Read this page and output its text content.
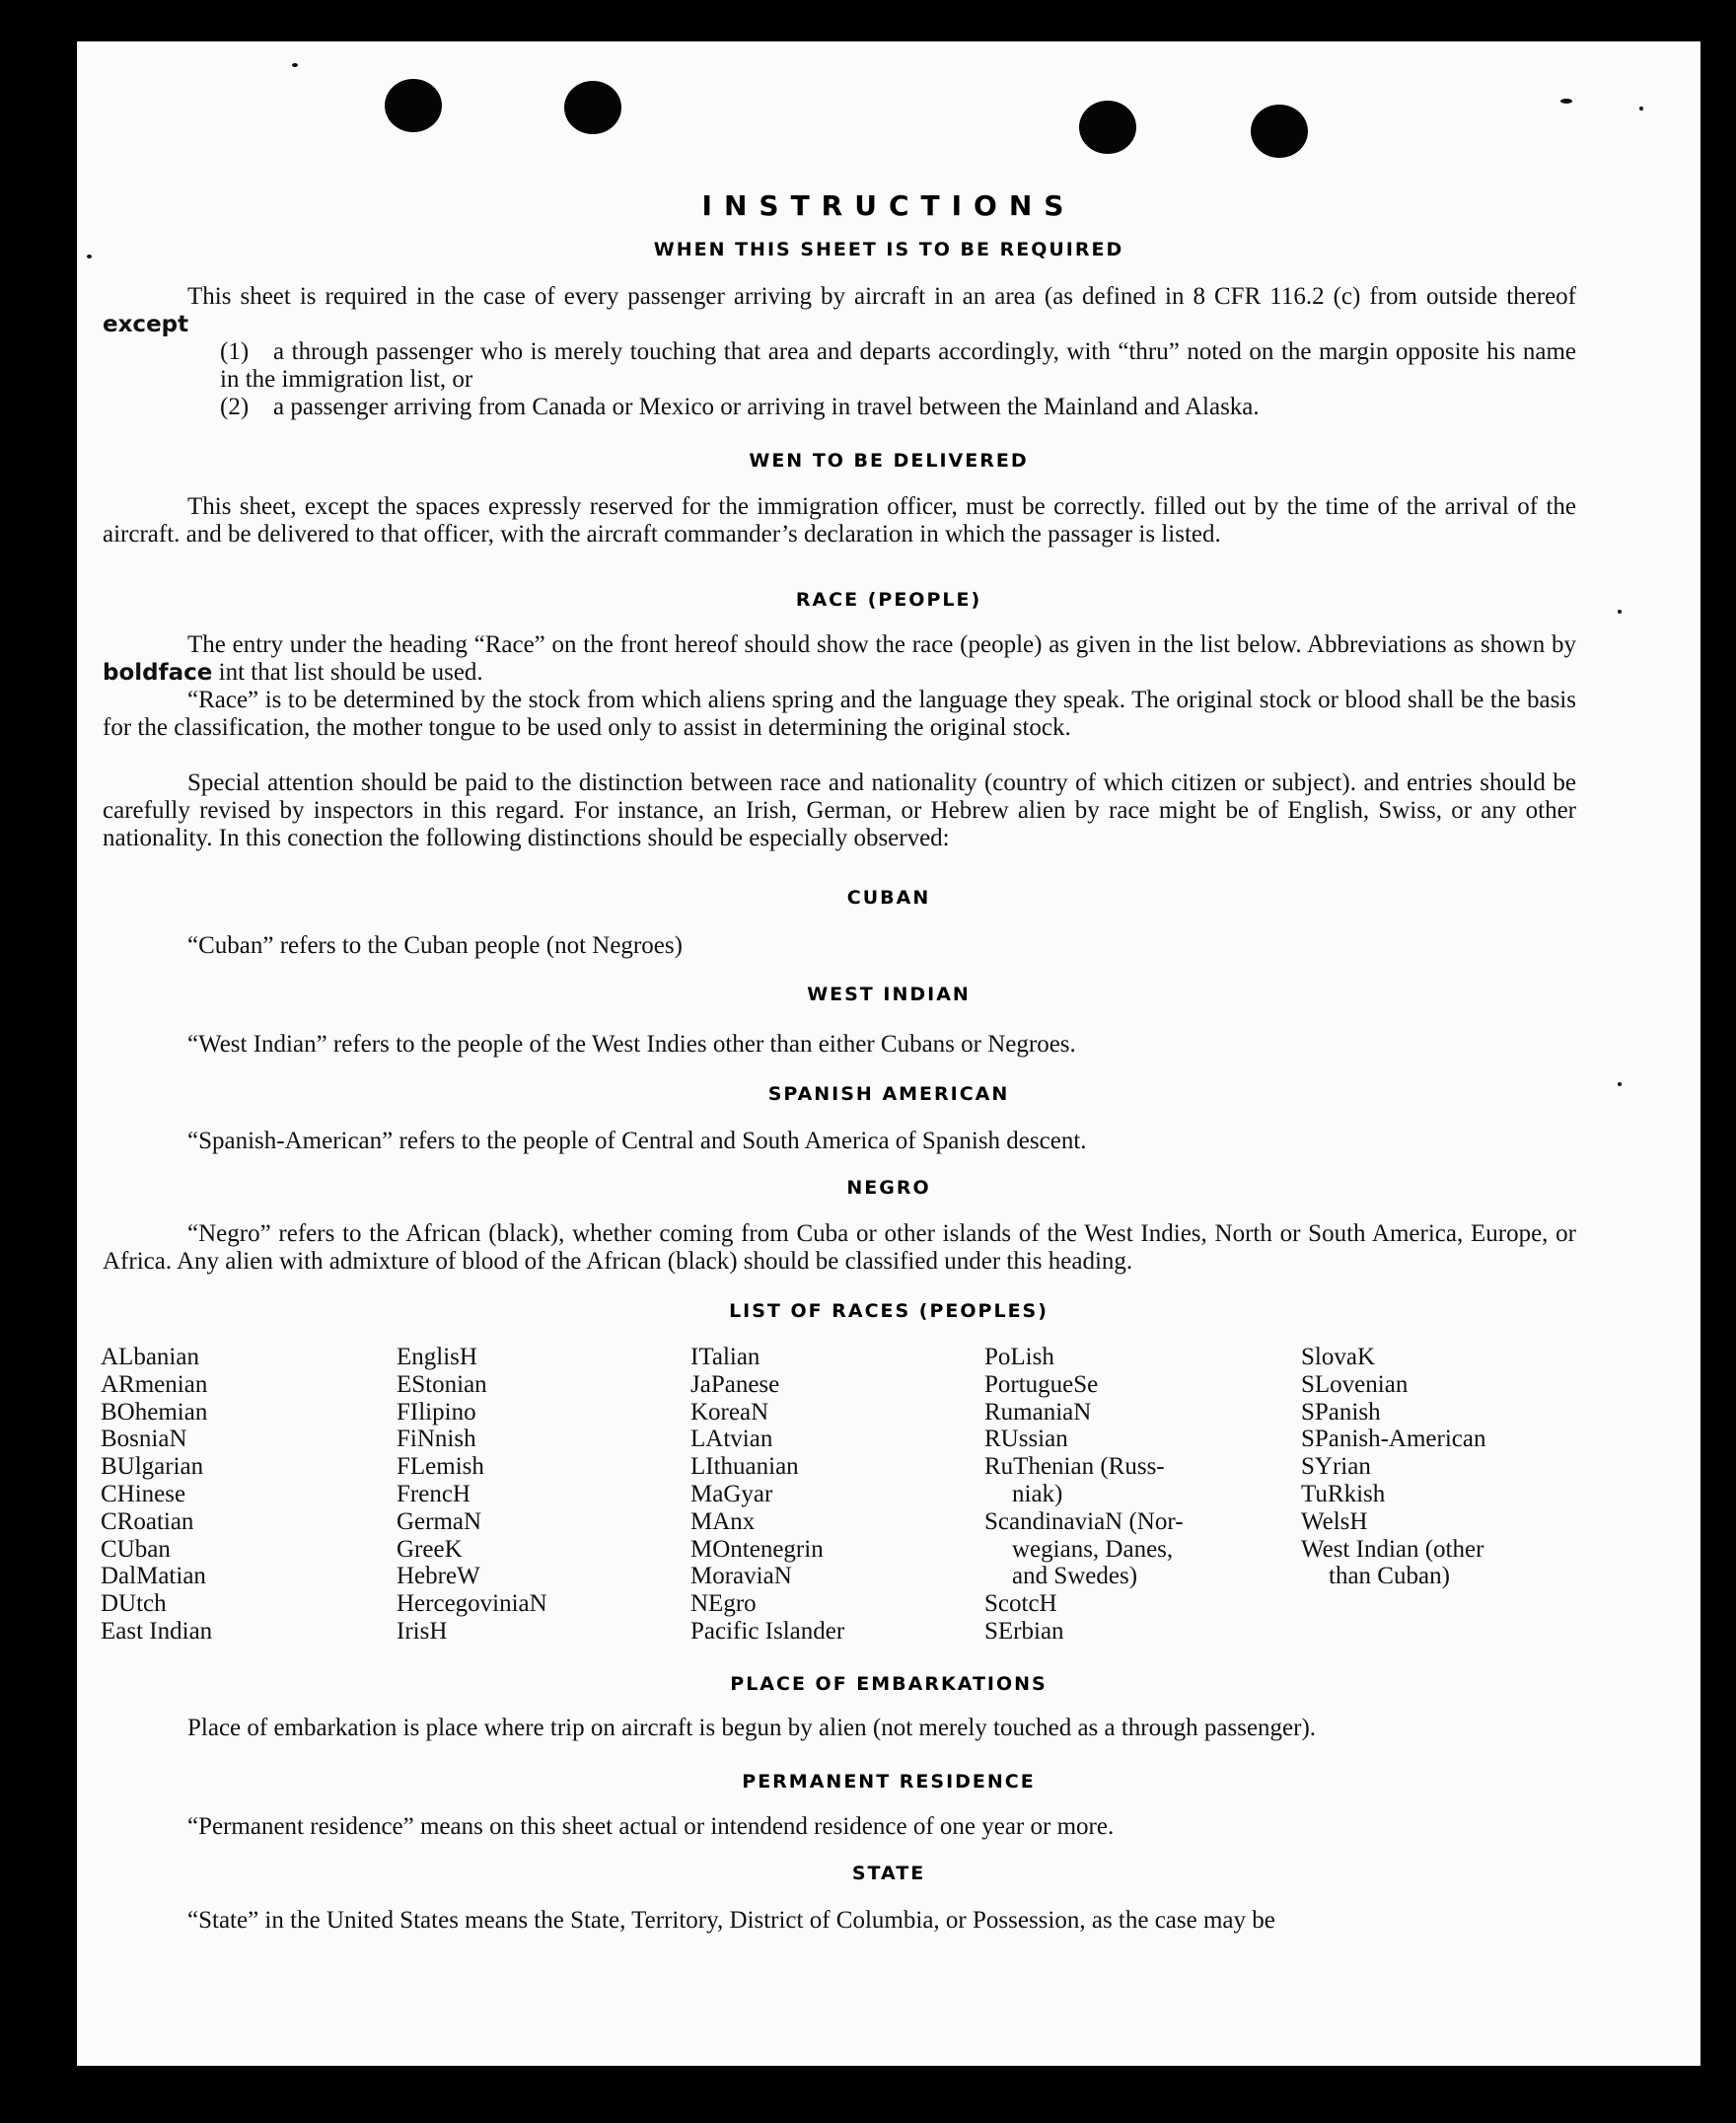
INSTRUCTIONS
WHEN THIS SHEET IS TO BE REQUIRED
This sheet is required in the case of every passenger arriving by aircraft in an area (as defined in 8 CFR 116.2 (c) from outside thereof except
(1) a through passenger who is merely touching that area and departs accordingly, with “thru” noted on the margin opposite his name in the immigration list, or
(2) a passenger arriving from Canada or Mexico or arriving in travel between the Mainland and Alaska.
WEN TO BE DELIVERED
This sheet, except the spaces expressly reserved for the immigration officer, must be correctly. filled out by the time of the arrival of the aircraft. and be delivered to that officer, with the aircraft commander’s declaration in which the passager is listed.
RACE (PEOPLE)
The entry under the heading “Race” on the front hereof should show the race (people) as given in the list below. Abbreviations as shown by boldface int that list should be used.
“Race” is to be determined by the stock from which aliens spring and the language they speak. The original stock or blood shall be the basis for the classification, the mother tongue to be used only to assist in determining the original stock.
Special attention should be paid to the distinction between race and nationality (country of which citizen or subject). and entries should be carefully revised by inspectors in this regard. For instance, an Irish, German, or Hebrew alien by race might be of English, Swiss, or any other nationality. In this conection the following distinctions should be especially observed:
CUBAN
“Cuban” refers to the Cuban people (not Negroes)
WEST INDIAN
“West Indian” refers to the people of the West Indies other than either Cubans or Negroes.
SPANISH AMERICAN
“Spanish-American” refers to the people of Central and South America of Spanish descent.
NEGRO
“Negro” refers to the African (black), whether coming from Cuba or other islands of the West Indies, North or South America, Europe, or Africa. Any alien with admixture of blood of the African (black) should be classified under this heading.
LIST OF RACES (PEOPLES)
ALbanian
ARmenian
BOhemian
BosniaN
BUlgarian
CHinese
CRoatian
CUban
DalMatian
DUtch
East Indian
EnglisH
EStonian
FIlipino
FiNnish
FLemish
FrencH
GermaN
GreeK
HebreW
HercegoviniaN
IrisH
ITalian
JaPanese
KoreaN
LAtvian
LIthuanian
MaGyar
MAnx
MOntenegrin
MoraviaN
NEgro
Pacific Islander
PoLish
PortugueSe
RumaniaN
RUssian
RuThenian (Russ-
niak)
ScandinaviaN (Nor-
wegians, Danes,
and Swedes)
ScotcH
SErbian
SlovaK
SLovenian
SPanish
SPanish-American
SYrian
TuRkish
WelsH
West Indian (other
than Cuban)
PLACE OF EMBARKATIONS
Place of embarkation is place where trip on aircraft is begun by alien (not merely touched as a through passenger).
PERMANENT RESIDENCE
“Permanent residence” means on this sheet actual or intendend residence of one year or more.
STATE
“State” in the United States means the State, Territory, District of Columbia, or Possession, as the case may be
